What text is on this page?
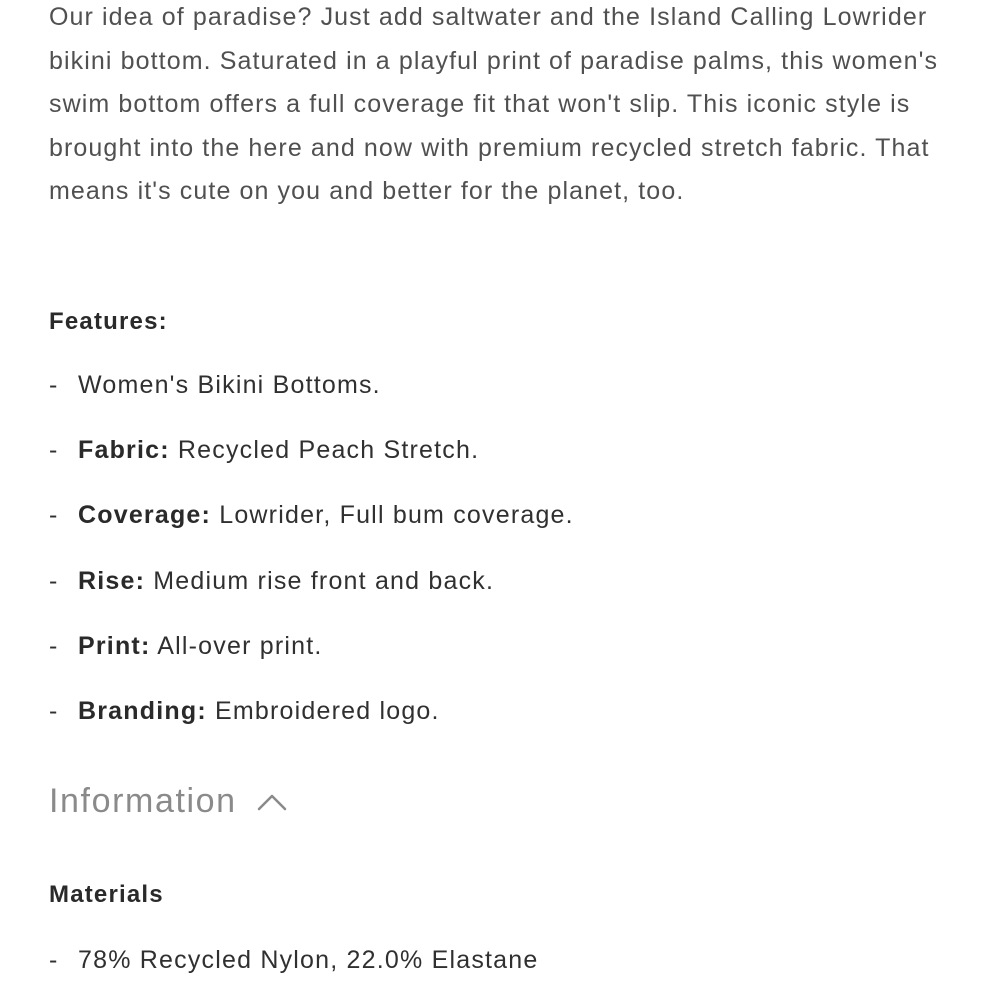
Our idea of paradise? Just add saltwater and the Island Calling Lowrider bikini bottom. Saturated in a playful print of paradise palms, this women's swim bottom offers a full coverage fit that won't slip. This iconic style is brought into the here and now with premium recycled stretch fabric. That means it's cute on you and better for the planet, too.

Features:
- Women's Bikini Bottoms.
- Fabric: Recycled Peach Stretch.
- Coverage: Lowrider, Full bum coverage.
- Rise: Medium rise front and back.
- Print: All-over print.
- Branding: Embroidered logo.
Information
Materials
- 78% Recycled Nylon, 22.0% Elastane
